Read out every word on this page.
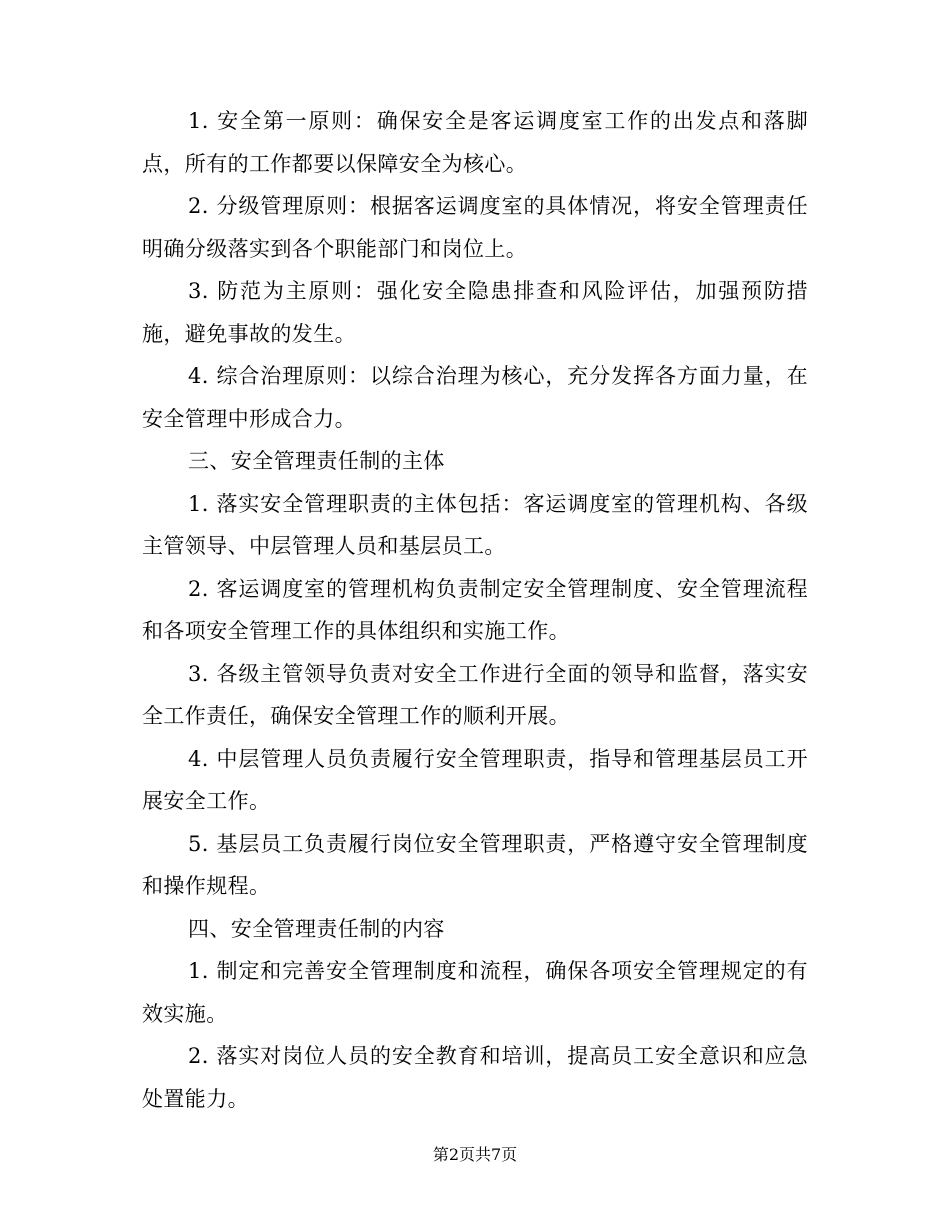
1. 安全第一原则：确保安全是客运调度室工作的出发点和落脚点，所有的工作都要以保障安全为核心。

2. 分级管理原则：根据客运调度室的具体情况，将安全管理责任明确分级落实到各个职能部门和岗位上。

3. 防范为主原则：强化安全隐患排查和风险评估，加强预防措施，避免事故的发生。

4. 综合治理原则：以综合治理为核心，充分发挥各方面力量，在安全管理中形成合力。

三、安全管理责任制的主体

1. 落实安全管理职责的主体包括：客运调度室的管理机构、各级主管领导、中层管理人员和基层员工。

2. 客运调度室的管理机构负责制定安全管理制度、安全管理流程和各项安全管理工作的具体组织和实施工作。

3. 各级主管领导负责对安全工作进行全面的领导和监督，落实安全工作责任，确保安全管理工作的顺利开展。

4. 中层管理人员负责履行安全管理职责，指导和管理基层员工开展安全工作。

5. 基层员工负责履行岗位安全管理职责，严格遵守安全管理制度和操作规程。

四、安全管理责任制的内容

1. 制定和完善安全管理制度和流程，确保各项安全管理规定的有效实施。

2. 落实对岗位人员的安全教育和培训，提高员工安全意识和应急处置能力。

第2页共7页
